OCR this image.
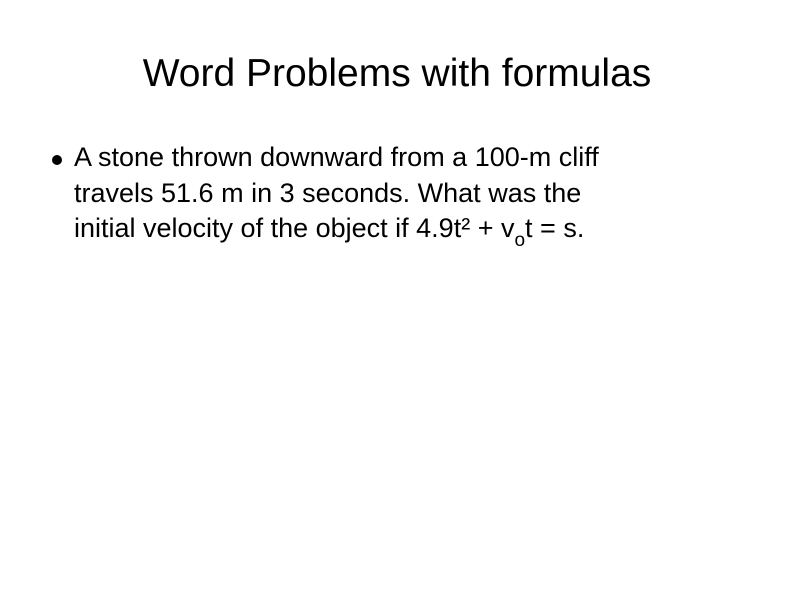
Word Problems with formulas

A stone thrown downward from a 100-m cliff
travels 51.6 m in 3 seconds. What was the
initial velocity of the object if $4.9t^2 + v_ot = s$.
